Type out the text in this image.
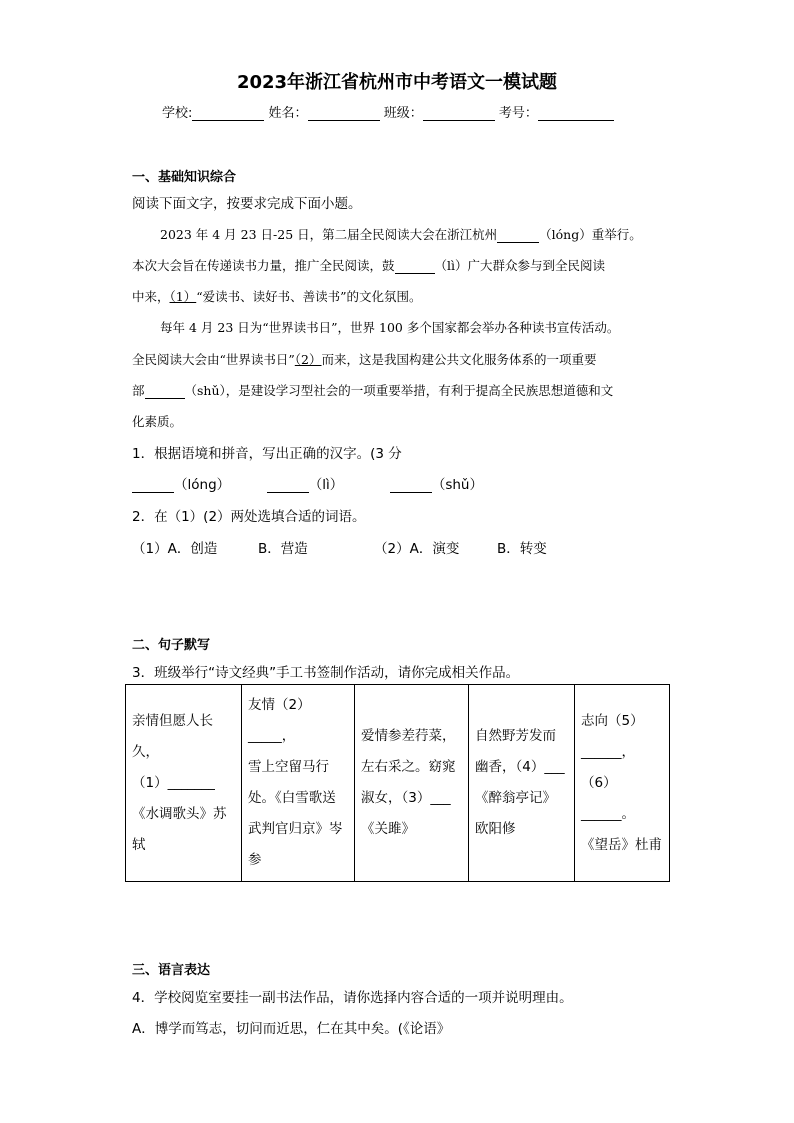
2023年浙江省杭州市中考语文一模试题
学校:	姓名：	班级：	考号：
一、基础知识综合
阅读下面文字，按要求完成下面小题。
2023 年 4 月 23 日-25 日，第二届全民阅读大会在浙江杭州	（lóng）重举行。
本次大会旨在传递读书力量，推广全民阅读，鼓	（lì）广大群众参与到全民阅读
中来，（1）“爱读书、读好书、善读书”的文化氛围。
每年 4 月 23 日为“世界读书日”，世界 100 多个国家都会举办各种读书宣传活动。
全民阅读大会由“世界读书日”（2）而来，这是我国构建公共文化服务体系的一项重要
部	（shǔ），是建设学习型社会的一项重要举措，有利于提高全民族思想道德和文
化素质。
1．根据语境和拼音，写出正确的汉字。(3 分
（lóng）	（lì）	（shǔ）
2．在（1）(2）两处选填合适的词语。
（1）A．创造	B．营造	（2）A．演变	B．转变
二、句子默写
3．班级举行“诗文经典”手工书签制作活动，请你完成相关作品。
亲情但愿人长久，
（1）_______
《水调歌头》苏
轼

友情（2）
_____，
雪上空留马行
处。《白雪歌送
武判官归京》岑
参

爱情参差荇菜，
左右采之。窈窕
淑女，（3）___
《关雎》

自然野芳发而
幽香，（4）___
《醉翁亭记》
欧阳修

志向（5）
______，
（6）______。
《望岳》杜甫
三、语言表达
4．学校阅览室要挂一副书法作品，请你选择内容合适的一项并说明理由。
A．博学而笃志，切问而近思，仁在其中矣。(《论语》
